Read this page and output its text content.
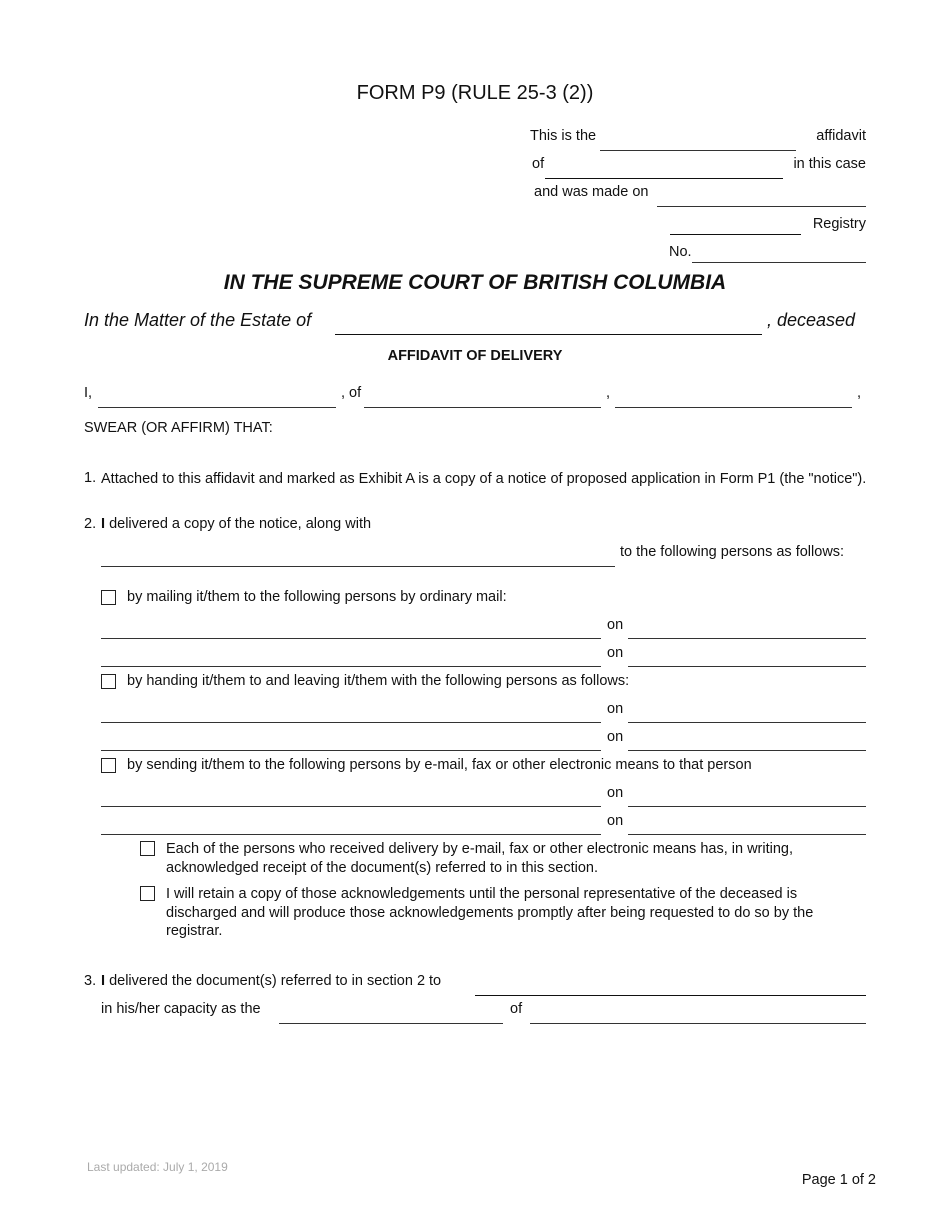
FORM P9 (RULE 25-3 (2))
This is the	affidavit
of	in this case
and was made on
Registry
No.
IN THE SUPREME COURT OF BRITISH COLUMBIA
In the Matter of the Estate of	, deceased
AFFIDAVIT OF DELIVERY
I,	, of	,	,
SWEAR (OR AFFIRM) THAT:
1. Attached to this affidavit and marked as Exhibit A is a copy of a notice of proposed application in Form P1 (the "notice").
2. I delivered a copy of the notice, along with
to the following persons as follows:
by mailing it/them to the following persons by ordinary mail:
on
on
by handing it/them to and leaving it/them with the following persons as follows:
on
on
by sending it/them to the following persons by e-mail, fax or other electronic means to that person
on
on
Each of the persons who received delivery by e-mail, fax or other electronic means has, in writing, acknowledged receipt of the document(s) referred to in this section.
I will retain a copy of those acknowledgements until the personal representative of the deceased is discharged and will produce those acknowledgements promptly after being requested to do so by the registrar.
3. I delivered the document(s) referred to in section 2 to
in his/her capacity as the	of
Last updated: July 1, 2019
Page 1 of 2
